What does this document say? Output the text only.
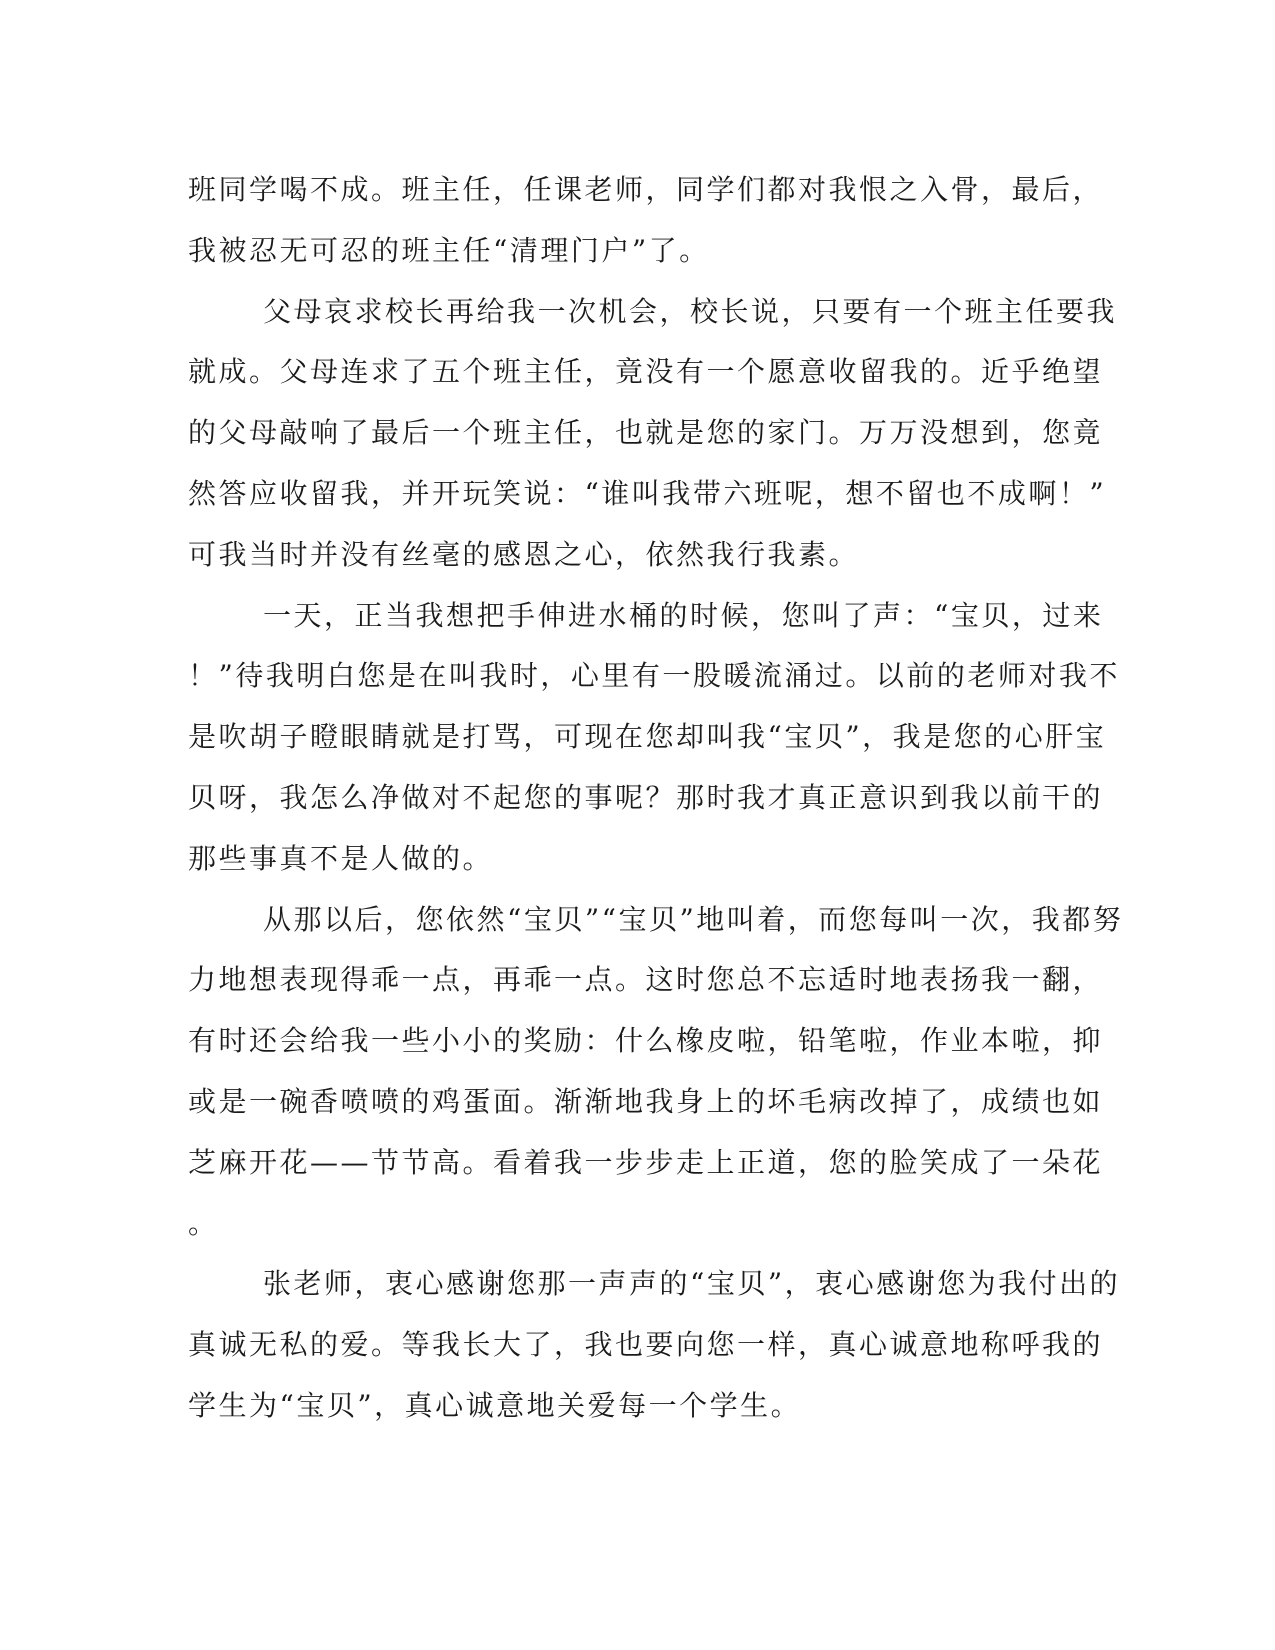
班同学喝不成。班主任，任课老师，同学们都对我恨之入骨，最后，
我被忍无可忍的班主任“清理门户”了。
父母哀求校长再给我一次机会，校长说，只要有一个班主任要我
就成。父母连求了五个班主任，竟没有一个愿意收留我的。近乎绝望
的父母敲响了最后一个班主任，也就是您的家门。万万没想到，您竟
然答应收留我，并开玩笑说：“谁叫我带六班呢，想不留也不成啊！”
可我当时并没有丝毫的感恩之心，依然我行我素。
一天，正当我想把手伸进水桶的时候，您叫了声：“宝贝，过来
！”待我明白您是在叫我时，心里有一股暖流涌过。以前的老师对我不
是吹胡子瞪眼睛就是打骂，可现在您却叫我“宝贝”，我是您的心肝宝
贝呀，我怎么净做对不起您的事呢？那时我才真正意识到我以前干的
那些事真不是人做的。
从那以后，您依然“宝贝”“宝贝”地叫着，而您每叫一次，我都努
力地想表现得乖一点，再乖一点。这时您总不忘适时地表扬我一翻，
有时还会给我一些小小的奖励：什么橡皮啦，铅笔啦，作业本啦，抑
或是一碗香喷喷的鸡蛋面。渐渐地我身上的坏毛病改掉了，成绩也如
芝麻开花——节节高。看着我一步步走上正道，您的脸笑成了一朵花
。
张老师，衷心感谢您那一声声的“宝贝”，衷心感谢您为我付出的
真诚无私的爱。等我长大了，我也要向您一样，真心诚意地称呼我的
学生为“宝贝”，真心诚意地关爱每一个学生。
